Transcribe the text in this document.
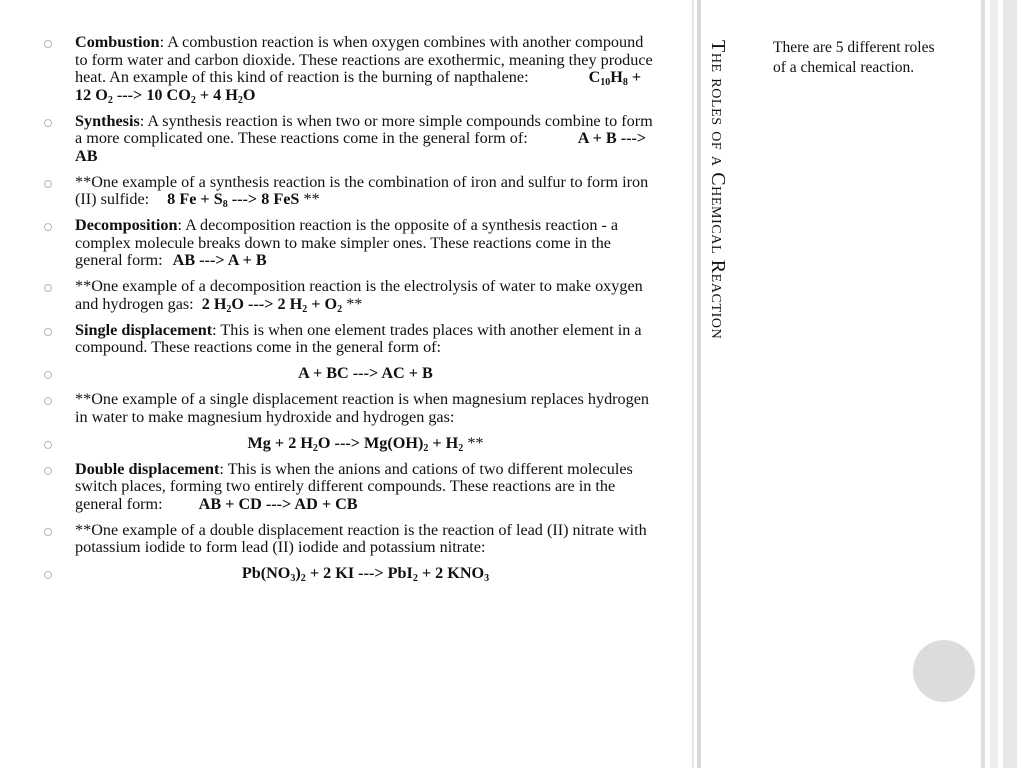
Combustion: A combustion reaction is when oxygen combines with another compound to form water and carbon dioxide. These reactions are exothermic, meaning they produce heat. An example of this kind of reaction is the burning of napthalene:	$C_{10}H_8 + 12$ $O_2$ ---> 10 $CO_2 + 4$ $H_2O$
Synthesis: A synthesis reaction is when two or more simple compounds combine to form a more complicated one. These reactions come in the general form of:	A + B ---> AB
**One example of a synthesis reaction is the combination of iron and sulfur to form iron (II) sulfide: 8 $Fe + S_8$ ---> 8 FeS **
Decomposition: A decomposition reaction is the opposite of a synthesis reaction - a complex molecule breaks down to make simpler ones. These reactions come in the general form: AB ---> A + B
**One example of a decomposition reaction is the electrolysis of water to make oxygen and hydrogen gas: 2 $H_2O$ ---> 2 $H_2 + O_2$ **
Single displacement: This is when one element trades places with another element in a compound. These reactions come in the general form of:
A + BC ---> AC + B
**One example of a single displacement reaction is when magnesium replaces hydrogen in water to make magnesium hydroxide and hydrogen gas:
Mg + 2 $H_2O$ ---> $Mg(OH)_2 + H_2$ **
Double displacement: This is when the anions and cations of two different molecules switch places, forming two entirely different compounds. These reactions are in the general form: AB + CD ---> AD + CB
**One example of a double displacement reaction is the reaction of lead (II) nitrate with potassium iodide to form lead (II) iodide and potassium nitrate:
$Pb(NO_3)_2 + 2$ KI ---> PbI$_2$ + 2 $KNO_3$
The roles of a Chemical Reaction	There are 5 different roles of a chemical reaction.
